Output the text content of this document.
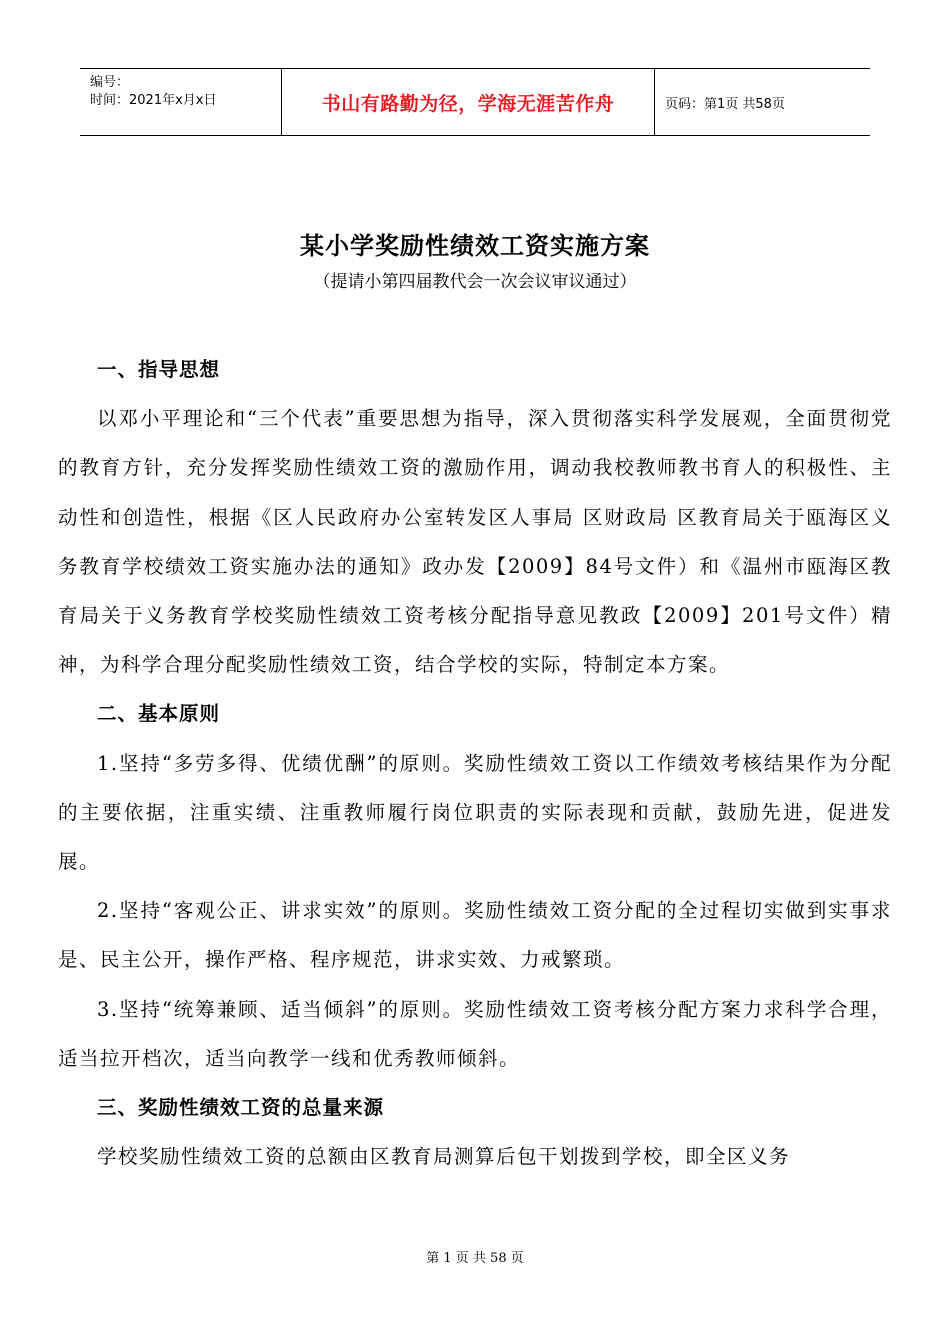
编号：
时间：2021年x月x日	书山有路勤为径，学海无涯苦作舟	页码：第1页 共58页
某小学奖励性绩效工资实施方案
（提请小第四届教代会一次会议审议通过）
一、指导思想

以邓小平理论和“三个代表”重要思想为指导，深入贯彻落实科学发展观，全面贯彻党的教育方针，充分发挥奖励性绩效工资的激励作用，调动我校教师教书育人的积极性、主动性和创造性，根据《区人民政府办公室转发区人事局 区财政局 区教育局关于瓯海区义务教育学校绩效工资实施办法的通知》政办发【2009】84号文件）和《温州市瓯海区教育局关于义务教育学校奖励性绩效工资考核分配指导意见教政【2009】201号文件）精神，为科学合理分配奖励性绩效工资，结合学校的实际，特制定本方案。

二、基本原则

1.坚持“多劳多得、优绩优酬”的原则。奖励性绩效工资以工作绩效考核结果作为分配的主要依据，注重实绩、注重教师履行岗位职责的实际表现和贡献，鼓励先进，促进发展。

2.坚持“客观公正、讲求实效”的原则。奖励性绩效工资分配的全过程切实做到实事求是、民主公开，操作严格、程序规范，讲求实效、力戒繁琐。

3.坚持“统筹兼顾、适当倾斜”的原则。奖励性绩效工资考核分配方案力求科学合理，适当拉开档次，适当向教学一线和优秀教师倾斜。

三、奖励性绩效工资的总量来源

学校奖励性绩效工资的总额由区教育局测算后包干划拨到学校，即全区义务

第 1 页 共 58 页
